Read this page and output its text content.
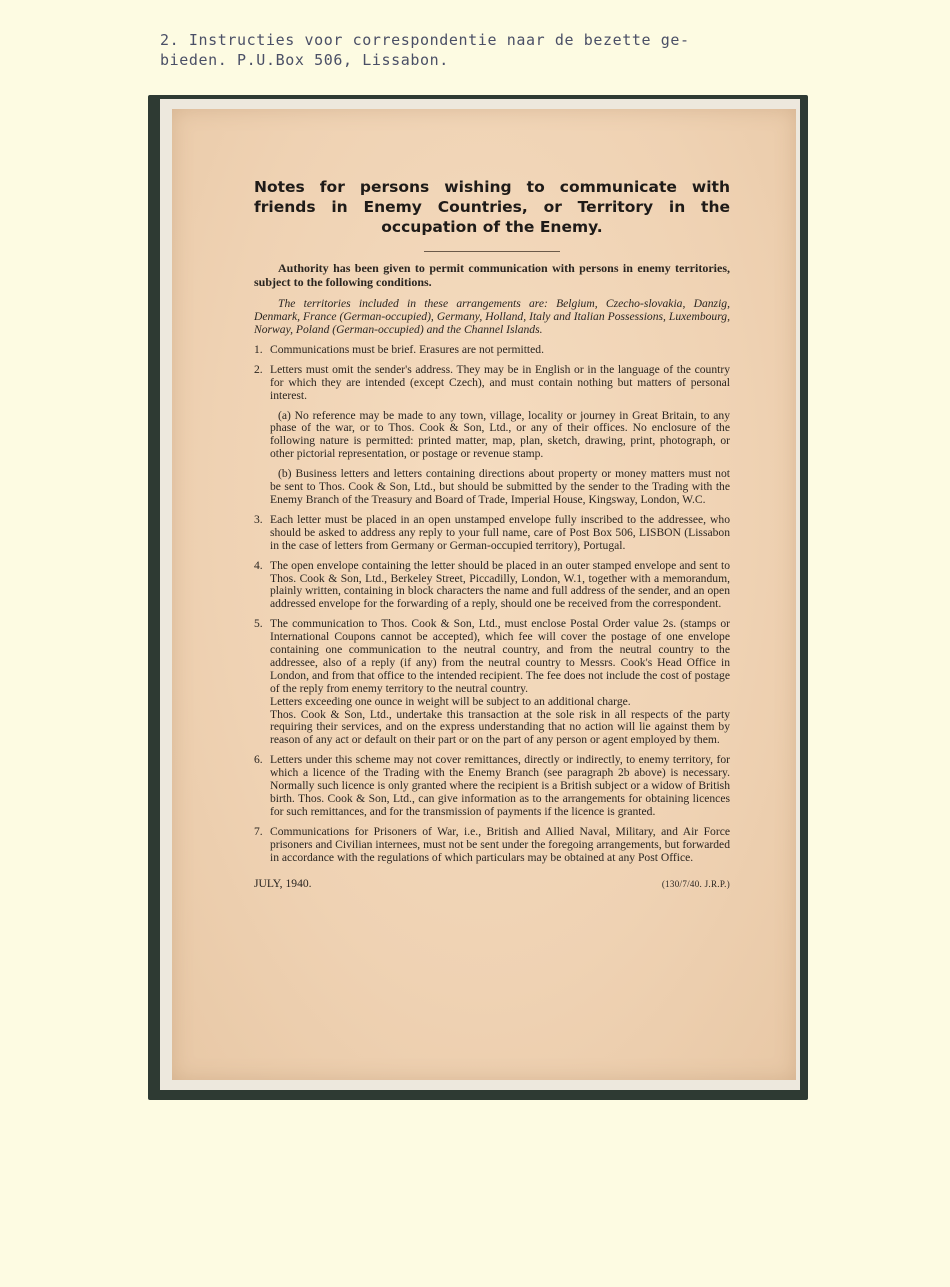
2. Instructies voor correspondentie naar de bezette ge-
bieden. P.U.Box 506, Lissabon.
Notes for persons wishing to communicate with
friends in Enemy Countries, or Territory in the
occupation of the Enemy.
Authority has been given to permit communication with persons in enemy territories, subject to the following conditions.
The territories included in these arrangements are: Belgium, Czecho-slovakia, Danzig, Denmark, France (German-occupied), Germany, Holland, Italy and Italian Possessions, Luxembourg, Norway, Poland (German-occupied) and the Channel Islands.
1. Communications must be brief. Erasures are not permitted.
2. Letters must omit the sender's address. They may be in English or in the language of the country for which they are intended (except Czech), and must contain nothing but matters of personal interest.
(a) No reference may be made to any town, village, locality or journey in Great Britain, to any phase of the war, or to Thos. Cook & Son, Ltd., or any of their offices. No enclosure of the following nature is permitted: printed matter, map, plan, sketch, drawing, print, photograph, or other pictorial representation, or postage or revenue stamp.
(b) Business letters and letters containing directions about property or money matters must not be sent to Thos. Cook & Son, Ltd., but should be submitted by the sender to the Trading with the Enemy Branch of the Treasury and Board of Trade, Imperial House, Kingsway, London, W.C.
3. Each letter must be placed in an open unstamped envelope fully inscribed to the addressee, who should be asked to address any reply to your full name, care of Post Box 506, LISBON (Lissabon in the case of letters from Germany or German-occupied territory), Portugal.
4. The open envelope containing the letter should be placed in an outer stamped envelope and sent to Thos. Cook & Son, Ltd., Berkeley Street, Piccadilly, London, W.1, together with a memorandum, plainly written, containing in block characters the name and full address of the sender, and an open addressed envelope for the forwarding of a reply, should one be received from the correspondent.
5. The communication to Thos. Cook & Son, Ltd., must enclose Postal Order value 2s. (stamps or International Coupons cannot be accepted), which fee will cover the postage of one envelope containing one communication to the neutral country, and from the neutral country to the addressee, also of a reply (if any) from the neutral country to Messrs. Cook's Head Office in London, and from that office to the intended recipient. The fee does not include the cost of postage of the reply from enemy territory to the neutral country.
Letters exceeding one ounce in weight will be subject to an additional charge.
Thos. Cook & Son, Ltd., undertake this transaction at the sole risk in all respects of the party requiring their services, and on the express understanding that no action will lie against them by reason of any act or default on their part or on the part of any person or agent employed by them.
6. Letters under this scheme may not cover remittances, directly or indirectly, to enemy territory, for which a licence of the Trading with the Enemy Branch (see paragraph 2b above) is necessary. Normally such licence is only granted where the recipient is a British subject or a widow of British birth. Thos. Cook & Son, Ltd., can give information as to the arrangements for obtaining licences for such remittances, and for the transmission of payments if the licence is granted.
7. Communications for Prisoners of War, i.e., British and Allied Naval, Military, and Air Force prisoners and Civilian internees, must not be sent under the foregoing arrangements, but forwarded in accordance with the regulations of which particulars may be obtained at any Post Office.
JULY, 1940.	(130/7/40. J.R.P.)
